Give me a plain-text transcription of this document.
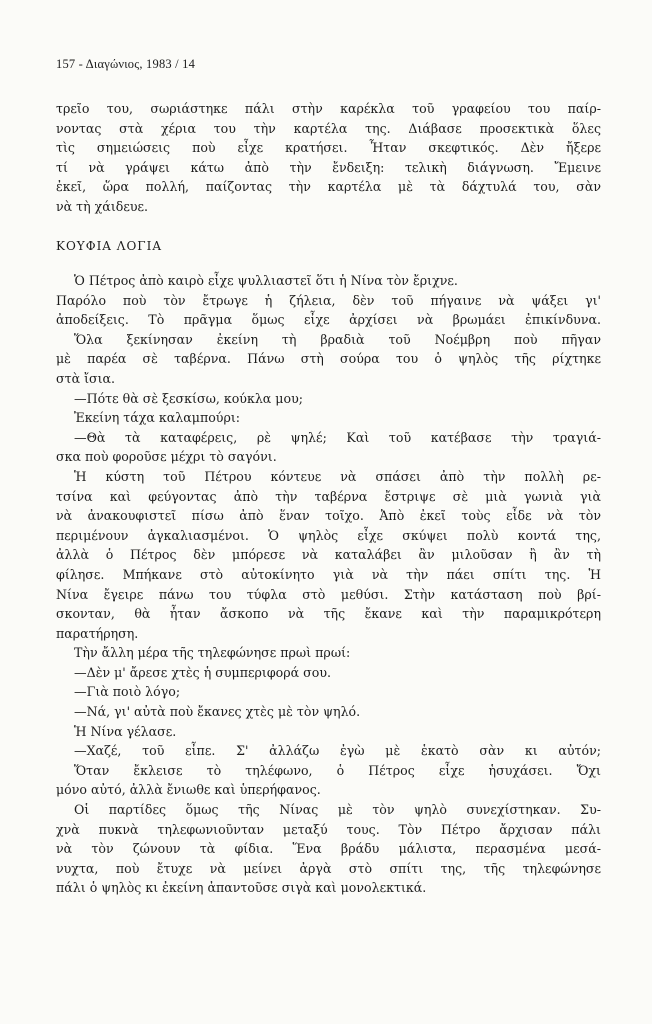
157 - Διαγώνιος, 1983 / 14
τρεῖο του, σωριάστηκε πάλι στὴν καρέκλα τοῦ γραφείου του παίρ-
νοντας στὰ χέρια του τὴν καρτέλα της. Διάβασε προσεκτικὰ ὅλες
τὶς σημειώσεις ποὺ εἶχε κρατήσει. Ἦταν σκεφτικός. Δὲν ἤξερε
τί νὰ γράψει κάτω ἀπὸ τὴν ἔνδειξη: τελικὴ διάγνωση. Ἔμεινε
ἐκεῖ, ὥρα πολλή, παίζοντας τὴν καρτέλα μὲ τὰ δάχτυλά του, σὰν
νὰ τὴ χάιδευε.
ΚΟΥΦΙΑ ΛΟΓΙΑ
Ὁ Πέτρος ἀπὸ καιρὸ εἶχε ψυλλιαστεῖ ὅτι ἡ Νίνα τὸν ἔριχνε.
Παρόλο ποὺ τὸν ἔτρωγε ἡ ζήλεια, δὲν τοῦ πήγαινε νὰ ψάξει γι'
ἀποδείξεις. Τὸ πρᾶγμα ὅμως εἶχε ἀρχίσει νὰ βρωμάει ἐπικίνδυνα.
Ὅλα ξεκίνησαν ἐκείνη τὴ βραδιὰ τοῦ Νοέμβρη ποὺ πῆγαν
μὲ παρέα σὲ ταβέρνα. Πάνω στὴ σούρα του ὁ ψηλὸς τῆς ρίχτηκε
στὰ ἴσια.
—Πότε θὰ σὲ ξεσκίσω, κούκλα μου;
Ἐκείνη τάχα καλαμπούρι:
—Θὰ τὰ καταφέρεις, ρὲ ψηλέ; Καὶ τοῦ κατέβασε τὴν τραγιά-
σκα ποὺ φοροῦσε μέχρι τὸ σαγόνι.
Ἡ κύστη τοῦ Πέτρου κόντευε νὰ σπάσει ἀπὸ τὴν πολλὴ ρε-
τσίνα καὶ φεύγοντας ἀπὸ τὴν ταβέρνα ἔστριψε σὲ μιὰ γωνιὰ γιὰ
νὰ ἀνακουφιστεῖ πίσω ἀπὸ ἕναν τοῖχο. Ἀπὸ ἐκεῖ τοὺς εἶδε νὰ τὸν
περιμένουν ἀγκαλιασμένοι. Ὁ ψηλὸς εἶχε σκύψει πολὺ κοντά της,
ἀλλὰ ὁ Πέτρος δὲν μπόρεσε νὰ καταλάβει ἂν μιλοῦσαν ἢ ἂν τὴ
φίλησε. Μπήκανε στὸ αὐτοκίνητο γιὰ νὰ τὴν πάει σπίτι της. Ἡ
Νίνα ἔγειρε πάνω του τύφλα στὸ μεθύσι. Στὴν κατάσταση ποὺ βρί-
σκονταν, θὰ ἦταν ἄσκοπο νὰ τῆς ἔκανε καὶ τὴν παραμικρότερη
παρατήρηση.
Τὴν ἄλλη μέρα τῆς τηλεφώνησε πρωὶ πρωί:
—Δὲν μ' ἄρεσε χτὲς ἡ συμπεριφορά σου.
—Γιὰ ποιὸ λόγο;
—Νά, γι' αὐτὰ ποὺ ἔκανες χτὲς μὲ τὸν ψηλό.
Ἡ Νίνα γέλασε.
—Χαζέ, τοῦ εἶπε. Σ' ἀλλάζω ἐγὼ μὲ ἑκατὸ σὰν κι αὐτόν;
Ὅταν ἔκλεισε τὸ τηλέφωνο, ὁ Πέτρος εἶχε ἡσυχάσει. Ὄχι
μόνο αὐτό, ἀλλὰ ἔνιωθε καὶ ὑπερήφανος.
Οἱ παρτίδες ὅμως τῆς Νίνας μὲ τὸν ψηλὸ συνεχίστηκαν. Συ-
χνὰ πυκνὰ τηλεφωνιοῦνταν μεταξύ τους. Τὸν Πέτρο ἄρχισαν πάλι
νὰ τὸν ζώνουν τὰ φίδια. Ἕνα βράδυ μάλιστα, περασμένα μεσά-
νυχτα, ποὺ ἔτυχε νὰ μείνει ἀργὰ στὸ σπίτι της, τῆς τηλεφώνησε
πάλι ὁ ψηλὸς κι ἐκείνη ἀπαντοῦσε σιγὰ καὶ μονολεκτικά.
